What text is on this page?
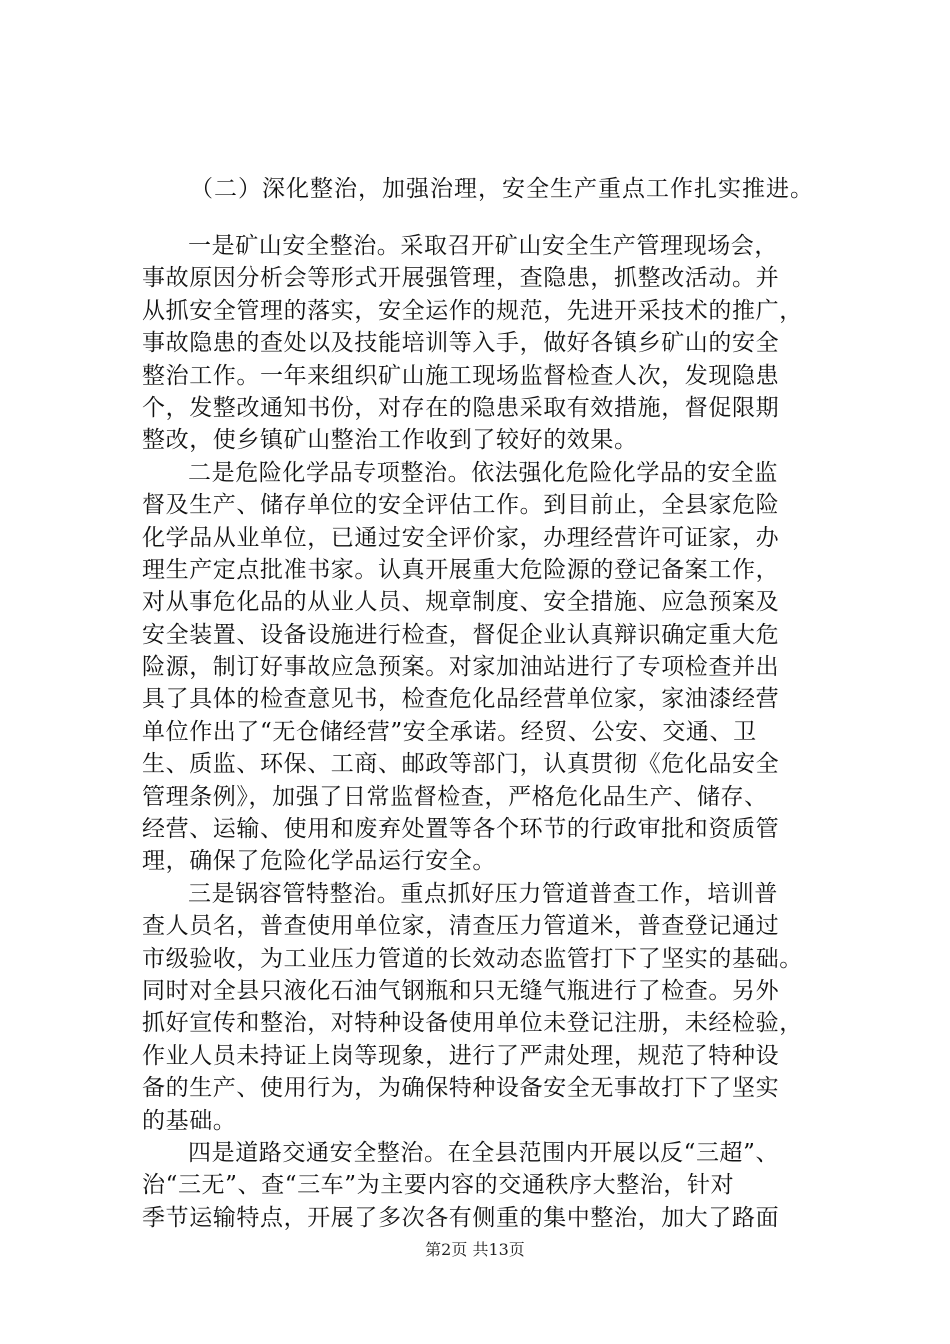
（二）深化整治，加强治理，安全生产重点工作扎实推进。
一是矿山安全整治。采取召开矿山安全生产管理现场会，
事故原因分析会等形式开展强管理，查隐患，抓整改活动。并
从抓安全管理的落实，安全运作的规范，先进开采技术的推广，
事故隐患的查处以及技能培训等入手，做好各镇乡矿山的安全
整治工作。一年来组织矿山施工现场监督检查人次，发现隐患
个，发整改通知书份，对存在的隐患采取有效措施，督促限期
整改，使乡镇矿山整治工作收到了较好的效果。
二是危险化学品专项整治。依法强化危险化学品的安全监
督及生产、储存单位的安全评估工作。到目前止，全县家危险
化学品从业单位，已通过安全评价家，办理经营许可证家，办
理生产定点批准书家。认真开展重大危险源的登记备案工作，
对从事危化品的从业人员、规章制度、安全措施、应急预案及
安全装置、设备设施进行检查，督促企业认真辩识确定重大危
险源，制订好事故应急预案。对家加油站进行了专项检查并出
具了具体的检查意见书，检查危化品经营单位家，家油漆经营
单位作出了“无仓储经营”安全承诺。经贸、公安、交通、卫
生、质监、环保、工商、邮政等部门，认真贯彻《危化品安全
管理条例》，加强了日常监督检查，严格危化品生产、储存、
经营、运输、使用和废弃处置等各个环节的行政审批和资质管
理，确保了危险化学品运行安全。
三是锅容管特整治。重点抓好压力管道普查工作，培训普
查人员名，普查使用单位家，清查压力管道米，普查登记通过
市级验收，为工业压力管道的长效动态监管打下了坚实的基础。
同时对全县只液化石油气钢瓶和只无缝气瓶进行了检查。另外
抓好宣传和整治，对特种设备使用单位未登记注册，未经检验，
作业人员未持证上岗等现象，进行了严肃处理，规范了特种设
备的生产、使用行为，为确保特种设备安全无事故打下了坚实
的基础。
四是道路交通安全整治。在全县范围内开展以反“三超”、
治“三无”、查“三车”为主要内容的交通秩序大整治，针对
季节运输特点，开展了多次各有侧重的集中整治，加大了路面
第2页 共13页
